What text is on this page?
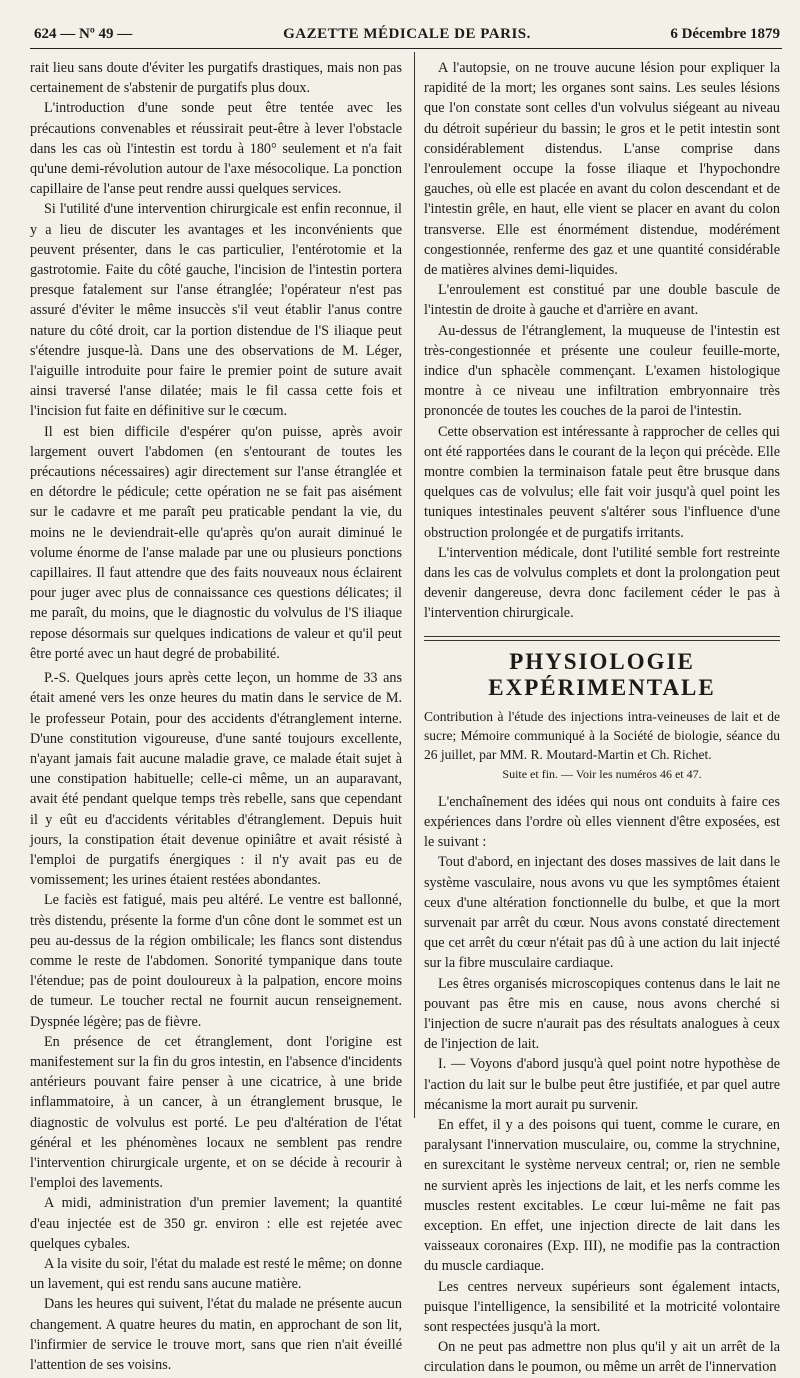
624 — Nº 49 —	GAZETTE MÉDICALE DE PARIS.	6 Décembre 1879

rait lieu sans doute d'éviter les purgatifs drastiques, mais non pas certainement de s'abstenir de purgatifs plus doux.

L'introduction d'une sonde peut être tentée avec les précautions convenables et réussirait peut-être à lever l'obstacle dans les cas où l'intestin est tordu à 180° seulement et n'a fait qu'une demi-révolution autour de l'axe mésocolique. La ponction capillaire de l'anse peut rendre aussi quelques services.

Si l'utilité d'une intervention chirurgicale est enfin reconnue, il y a lieu de discuter les avantages et les inconvénients que peuvent présenter, dans le cas particulier, l'entérotomie et la gastrotomie. Faite du côté gauche, l'incision de l'intestin portera presque fatalement sur l'anse étranglée; l'opérateur n'est pas assuré d'éviter le même insuccès s'il veut établir l'anus contre nature du côté droit, car la portion distendue de l'S iliaque peut s'étendre jusque-là. Dans une des observations de M. Léger, l'aiguille introduite pour faire le premier point de suture avait ainsi traversé l'anse dilatée; mais le fil cassa cette fois et l'incision fut faite en définitive sur le cœcum.

Il est bien difficile d'espérer qu'on puisse, après avoir largement ouvert l'abdomen (en s'entourant de toutes les précautions nécessaires) agir directement sur l'anse étranglée et en détordre le pédicule; cette opération ne se fait pas aisément sur le cadavre et me paraît peu praticable pendant la vie, du moins ne le deviendrait-elle qu'après qu'on aurait diminué le volume énorme de l'anse malade par une ou plusieurs ponctions capillaires. Il faut attendre que des faits nouveaux nous éclairent pour juger avec plus de connaissance ces questions délicates; il me paraît, du moins, que le diagnostic du volvulus de l'S iliaque repose désormais sur quelques indications de valeur et qu'il peut être porté avec un haut degré de probabilité.

P.-S. Quelques jours après cette leçon, un homme de 33 ans était amené vers les onze heures du matin dans le service de M. le professeur Potain, pour des accidents d'étranglement interne. D'une constitution vigoureuse, d'une santé toujours excellente, n'ayant jamais fait aucune maladie grave, ce malade était sujet à une constipation habituelle; celle-ci même, un an auparavant, avait été pendant quelque temps très rebelle, sans que cependant il y eût eu d'accidents véritables d'étranglement. Depuis huit jours, la constipation était devenue opiniâtre et avait résisté à l'emploi de purgatifs énergiques : il n'y avait pas eu de vomissement; les urines étaient restées abondantes.

Le faciès est fatigué, mais peu altéré. Le ventre est ballonné, très distendu, présente la forme d'un cône dont le sommet est un peu au-dessus de la région ombilicale; les flancs sont distendus comme le reste de l'abdomen. Sonorité tympanique dans toute l'étendue; pas de point douloureux à la palpation, encore moins de tumeur. Le toucher rectal ne fournit aucun renseignement. Dyspnée légère; pas de fièvre.

En présence de cet étranglement, dont l'origine est manifestement sur la fin du gros intestin, en l'absence d'incidents antérieurs pouvant faire penser à une cicatrice, à une bride inflammatoire, à un cancer, à un étranglement brusque, le diagnostic de volvulus est porté. Le peu d'altération de l'état général et les phénomènes locaux ne semblent pas rendre l'intervention chirurgicale urgente, et on se décide à recourir à l'emploi des lavements.

A midi, administration d'un premier lavement; la quantité d'eau injectée est de 350 gr. environ : elle est rejetée avec quelques cybales.

A la visite du soir, l'état du malade est resté le même; on donne un lavement, qui est rendu sans aucune matière.

Dans les heures qui suivent, l'état du malade ne présente aucun changement. A quatre heures du matin, en approchant de son lit, l'infirmier de service le trouve mort, sans que rien n'ait éveillé l'attention de ses voisins.

A l'autopsie, on ne trouve aucune lésion pour expliquer la rapidité de la mort; les organes sont sains. Les seules lésions que l'on constate sont celles d'un volvulus siégeant au niveau du détroit supérieur du bassin; le gros et le petit intestin sont considérablement distendus. L'anse comprise dans l'enroulement occupe la fosse iliaque et l'hypochondre gauches, où elle est placée en avant du colon descendant et de l'intestin grêle, en haut, elle vient se placer en avant du colon transverse. Elle est énormément distendue, modérément congestionnée, renferme des gaz et une quantité considérable de matières alvines demi-liquides.

L'enroulement est constitué par une double bascule de l'intestin de droite à gauche et d'arrière en avant.

Au-dessus de l'étranglement, la muqueuse de l'intestin est très-congestionnée et présente une couleur feuille-morte, indice d'un sphacèle commençant. L'examen histologique montre à ce niveau une infiltration embryonnaire très prononcée de toutes les couches de la paroi de l'intestin.

Cette observation est intéressante à rapprocher de celles qui ont été rapportées dans le courant de la leçon qui précède. Elle montre combien la terminaison fatale peut être brusque dans quelques cas de volvulus; elle fait voir jusqu'à quel point les tuniques intestinales peuvent s'altérer sous l'influence d'une obstruction prolongée et de purgatifs irritants.

L'intervention médicale, dont l'utilité semble fort restreinte dans les cas de volvulus complets et dont la prolongation peut devenir dangereuse, devra donc facilement céder le pas à l'intervention chirurgicale.

PHYSIOLOGIE EXPÉRIMENTALE

Contribution à l'étude des injections intra-veineuses de lait et de sucre; Mémoire communiqué à la Société de biologie, séance du 26 juillet, par MM. R. Moutard-Martin et Ch. Richet.

Suite et fin. — Voir les numéros 46 et 47.

L'enchaînement des idées qui nous ont conduits à faire ces expériences dans l'ordre où elles viennent d'être exposées, est le suivant :

Tout d'abord, en injectant des doses massives de lait dans le système vasculaire, nous avons vu que les symptômes étaient ceux d'une altération fonctionnelle du bulbe, et que la mort survenait par arrêt du cœur. Nous avons constaté directement que cet arrêt du cœur n'était pas dû à une action du lait injecté sur la fibre musculaire cardiaque.

Les êtres organisés microscopiques contenus dans le lait ne pouvant pas être mis en cause, nous avons cherché si l'injection de sucre n'aurait pas des résultats analogues à ceux de l'injection de lait.

I. — Voyons d'abord jusqu'à quel point notre hypothèse de l'action du lait sur le bulbe peut être justifiée, et par quel autre mécanisme la mort aurait pu survenir.

En effet, il y a des poisons qui tuent, comme le curare, en paralysant l'innervation musculaire, ou, comme la strychnine, en surexcitant le système nerveux central; or, rien ne semble ne survient après les injections de lait, et les nerfs comme les muscles restent excitables. Le cœur lui-même ne fait pas exception. En effet, une injection directe de lait dans les vaisseaux coronaires (Exp. III), ne modifie pas la contraction du muscle cardiaque.

Les centres nerveux supérieurs sont également intacts, puisque l'intelligence, la sensibilité et la motricité volontaire sont respectées jusqu'à la mort.

On ne peut pas admettre non plus qu'il y ait un arrêt de la circulation dans le poumon, ou même un arrêt de l'innervation
